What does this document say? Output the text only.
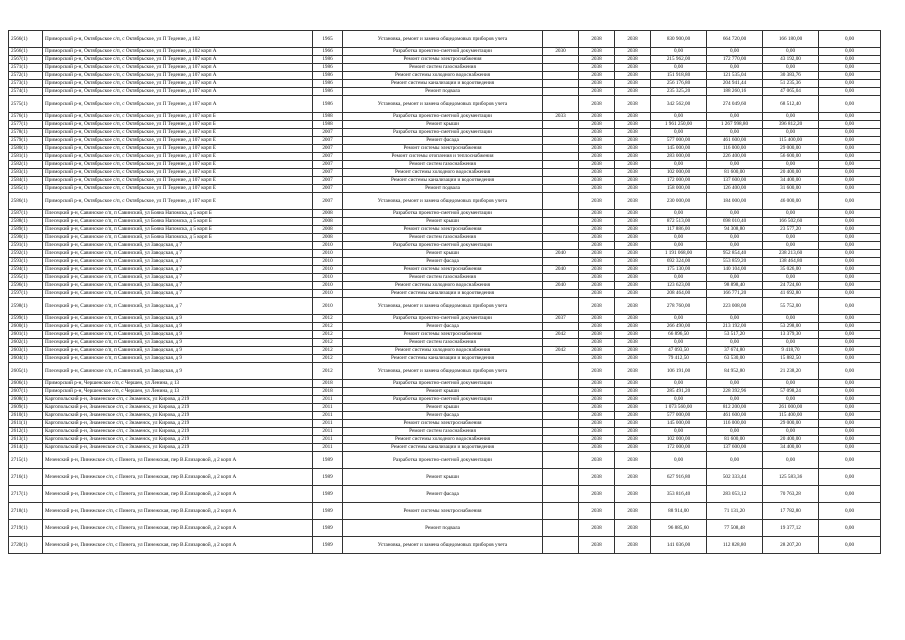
2566(1)	Приморский р-н, Октябрьское с/п, с Октябрьское, ул П Тедение, д 102	1965	Установка, ремонт и замена общедомовых приборов учета		2038	2038	830 900,00	664 720,00	166 180,00	0,00
2566(1)	Приморский р-н, Октябрьское с/п, с Октябрьское, ул П Тедение, д 102 корп А	1966	Разработка проектно-сметной документации	2030	2038	2038	0,00	0,00	0,00	0,00
2567(1)	Приморский р-н, Октябрьское с/п, с Октябрьское, ул П Тедение, д 107 корп А	1986	Ремонт системы электроснабжения		2038	2038	215 962,00	172 770,00	43 192,00	0,00
2571(1)	Приморский р-н, Октябрьское с/п, с Октябрьское, ул П Тедение, д 107 корп А	1986	Ремонт систем газоснабжения		2038	2038	0,00	0,00	0,00	0,00
2572(1)	Приморский р-н, Октябрьское с/п, с Октябрьское, ул П Тедение, д 107 корп А	1986	Ремонт системы холодного водоснабжения		2038	2038	151 918,80	121 535,04	30 383,76	0,00
2573(1)	Приморский р-н, Октябрьское с/п, с Октябрьское, ул П Тедение, д 107 корп А	1986	Ремонт системы канализации и водоотведения		2038	2038	256 176,80	204 941,44	51 235,36	0,00
2574(1)	Приморский р-н, Октябрьское с/п, с Октябрьское, ул П Тедение, д 107 корп А	1986	Ремонт подвала		2038	2038	235 325,20	188 260,16	47 065,04	0,00
2575(1)	Приморский р-н, Октябрьское с/п, с Октябрьское, ул П Тедение, д 107 корп А	1986	Установка, ремонт и замена общедомовых приборов учета		2038	2038	342 562,00	274 049,60	68 512,40	0,00
2576(1)	Приморский р-н, Октябрьское с/п, с Октябрьское, ул П Тедение, д 107 корп Б	1988	Разработка проектно-сметной документации	2033	2038	2038	0,00	0,00	0,00	0,00
2577(1)	Приморский р-н, Октябрьское с/п, с Октябрьское, ул П Тедение, д 107 корп Б	1988	Ремонт крыши		2038	2038	1 961 250,00	1 267 998,80	396 812,20	0,00
2578(1)	Приморский р-н, Октябрьское с/п, с Октябрьское, ул П Тедение, д 107 корп Е	2007	Разработка проектно-сметной документации		2038	2038	0,00	0,00	0,00	0,00
2579(1)	Приморский р-н, Октябрьское с/п, с Октябрьское, ул П Тедение, д 107 корп Е	2007	Ремонт фасада		2038	2038	577 000,00	461 600,00	115 400,00	0,00
2580(1)	Приморский р-н, Октябрьское с/п, с Октябрьское, ул П Тедение, д 107 корп Е	2007	Ремонт системы электроснабжения		2038	2038	145 000,00	116 000,00	29 000,00	0,00
2581(1)	Приморский р-н, Октябрьское с/п, с Октябрьское, ул П Тедение, д 107 корп Е	2007	Ремонт системы отопления и теплоснабжения		2038	2038	283 000,00	226 400,00	56 600,00	0,00
2582(1)	Приморский р-н, Октябрьское с/п, с Октябрьское, ул П Тедение, д 107 корп Е	2007	Ремонт систем газоснабжения		2038	2038	0,00	0,00	0,00	0,00
2583(1)	Приморский р-н, Октябрьское с/п, с Октябрьское, ул П Тедение, д 107 корп Е	2007	Ремонт системы холодного водоснабжения		2038	2038	102 000,00	81 600,00	20 400,00	0,00
2584(1)	Приморский р-н, Октябрьское с/п, с Октябрьское, ул П Тедение, д 107 корп Е	2007	Ремонт системы канализации и водоотведения		2038	2038	172 000,00	137 600,00	34 400,00	0,00
2585(1)	Приморский р-н, Октябрьское с/п, с Октябрьское, ул П Тедение, д 107 корп Е	2007	Ремонт подвала		2038	2038	158 000,00	126 400,00	31 600,00	0,00
2586(1)	Приморский р-н, Октябрьское с/п, с Октябрьское, ул П Тедение, д 107 корп Е	2007	Установка, ремонт и замена общедомовых приборов учета		2038	2038	230 000,00	184 000,00	46 000,00	0,00
2587(1)	Плесецкий р-н, Савинское с/п, п Савинский, ул Бояна Напомска, д 5 корп Б	2008	Разработка проектно-сметной документации		2038	2038	0,00	0,00	0,00	0,00
2588(1)	Плесецкий р-н, Савинское с/п, п Савинский, ул Бояна Напомска, д 5 корп Б	2008	Ремонт крыши		2038	2038	872 513,00	698 010,40	166 502,60	0,00
2589(1)	Плесецкий р-н, Савинское с/п, п Савинский, ул Бояна Напомска, д 5 корп Б	2008	Ремонт системы электроснабжения		2038	2038	117 886,00	94 308,80	23 577,20	0,00
2590(1)	Плесецкий р-н, Савинское с/п, п Савинский, ул Бояна Напомска, д 5 корп Б	2008	Ремонт систем газоснабжения		2038	2038	0,00	0,00	0,00	0,00
2591(1)	Плесецкий р-н, Савинское с/п, п Савинский, ул Заводская, д 7	2010	Разработка проектно-сметной документации		2038	2038	0,00	0,00	0,00	0,00
2592(1)	Плесецкий р-н, Савинское с/п, п Савинский, ул Заводская, д 7	2010	Ремонт крыши	2040	2038	2038	1 191 068,00	952 854,40	238 213,60	0,00
2593(1)	Плесецкий р-н, Савинское с/п, п Савинский, ул Заводская, д 7	2010	Ремонт фасада		2038	2038	692 324,00	553 859,20	138 464,80	0,00
2594(1)	Плесецкий р-н, Савинское с/п, п Савинский, ул Заводская, д 7	2010	Ремонт системы электроснабжения	2040	2038	2038	175 130,00	140 104,00	35 026,00	0,00
2595(1)	Плесецкий р-н, Савинское с/п, п Савинский, ул Заводская, д 7	2010	Ремонт систем газоснабжения		2038	2038	0,00	0,00	0,00	0,00
2596(1)	Плесецкий р-н, Савинское с/п, п Савинский, ул Заводская, д 7	2010	Ремонт системы холодного водоснабжения	2040	2038	2038	123 623,00	98 898,40	24 724,60	0,00
2597(1)	Плесецкий р-н, Савинское с/п, п Савинский, ул Заводская, д 7	2010	Ремонт системы канализации и водоотведения		2038	2038	208 464,00	166 771,20	41 692,80	0,00
2598(1)	Плесецкий р-н, Савинское с/п, п Савинский, ул Заводская, д 7	2010	Установка, ремонт и замена общедомовых приборов учета		2038	2038	278 760,00	223 008,00	55 752,00	0,00
2599(1)	Плесецкий р-н, Савинское с/п, п Савинский, ул Заводская, д 9	2012	Разработка проектно-сметной документации	2037	2038	2038	0,00	0,00	0,00	0,00
2600(1)	Плесецкий р-н, Савинское с/п, п Савинский, ул Заводская, д 9	2012	Ремонт фасада		2038	2038	266 490,00	213 192,00	53 298,00	0,00
2601(1)	Плесецкий р-н, Савинское с/п, п Савинский, ул Заводская, д 9	2012	Ремонт системы электроснабжения	2042	2038	2038	66 896,50	53 517,20	13 379,30	0,00
2602(1)	Плесецкий р-н, Савинское с/п, п Савинский, ул Заводская, д 9	2012	Ремонт систем газоснабжения		2038	2038	0,00	0,00	0,00	0,00
2603(1)	Плесецкий р-н, Савинское с/п, п Савинский, ул Заводская, д 9	2012	Ремонт системы холодного водоснабжения	2042	2038	2038	47 093,50	37 674,80	9 418,70	0,00
2604(1)	Плесецкий р-н, Савинское с/п, п Савинский, ул Заводская, д 9	2012	Ремонт системы канализации и водоотведения		2038	2038	79 412,50	63 530,00	15 882,50	0,00
2605(1)	Плесецкий р-н, Савинское с/п, п Савинский, ул Заводская, д 9	2012	Установка, ремонт и замена общедомовых приборов учета		2038	2038	106 191,00	84 952,80	21 238,20	0,00
2606(1)	Приморский р-н, Чершенское с/п, с Чершен, ул Ленина, д 13	2018	Разработка проектно-сметной документации		2038	2038	0,00	0,00	0,00	0,00
2607(1)	Приморский р-н, Чершенское с/п, с Чершен, ул Ленина, д 13	2018	Ремонт крыши		2038	2038	285 491,20	228 392,96	57 098,24	0,00
2608(1)	Каргопольский р-н, Знаменское с/п, с Знаменск, ул Кирова, д 219	2011	Разработка проектно-сметной документации		2038	2038	0,00	0,00	0,00	0,00
2609(1)	Каргопольский р-н, Знаменское с/п, с Знаменск, ул Кирова, д 219	2011	Ремонт крыши		2038	2038	1 073 560,00	812 200,00	261 000,00	0,00
2610(1)	Каргопольский р-н, Знаменское с/п, с Знаменск, ул Кирова, д 219	2011	Ремонт фасада		2038	2038	577 000,00	461 600,00	115 400,00	0,00
2611(1)	Каргопольский р-н, Знаменское с/п, с Знаменск, ул Кирова, д 219	2011	Ремонт системы электроснабжения		2038	2038	145 000,00	116 000,00	29 000,00	0,00
2612(1)	Каргопольский р-н, Знаменское с/п, с Знаменск, ул Кирова, д 219	2011	Ремонт систем газоснабжения		2038	2038	0,00	0,00	0,00	0,00
2613(1)	Каргопольский р-н, Знаменское с/п, с Знаменск, ул Кирова, д 219	2011	Ремонт системы холодного водоснабжения		2038	2038	102 000,00	81 600,00	20 400,00	0,00
2614(1)	Каргопольский р-н, Знаменское с/п, с Знаменск, ул Кирова, д 219	2011	Ремонт системы канализации и водоотведения		2038	2038	172 000,00	137 600,00	34 400,00	0,00
2715(1)	Мезенский р-н, Пинежское с/п, с Пинега, ул Пинежская, пер В.Елизаровой, д 2 корп А	1989	Разработка проектно-сметной документации		2038	2038	0,00	0,00	0,00	0,00
2716(1)	Мезенский р-н, Пинежское с/п, с Пинега, ул Пинежская, пер В.Елизаровой, д 2 корп А	1989	Ремонт крыши		2038	2038	627 916,80	502 333,44	125 583,36	0,00
2717(1)	Мезенский р-н, Пинежское с/п, с Пинега, ул Пинежская, пер В.Елизаровой, д 2 корп А	1989	Ремонт фасада		2038	2038	353 816,40	283 053,12	70 763,28	0,00
2718(1)	Мезенский р-н, Пинежское с/п, с Пинега, ул Пинежская, пер В.Елизаровой, д 2 корп А	1989	Ремонт системы электроснабжения		2038	2038	88 914,00	71 131,20	17 782,80	0,00
2719(1)	Мезенский р-н, Пинежское с/п, с Пинега, ул Пинежская, пер В.Елизаровой, д 2 корп А	1989	Ремонт подвала		2038	2038	96 885,60	77 508,48	19 377,12	0,00
2720(1)	Мезенский р-н, Пинежское с/п, с Пинега, ул Пинежская, пер В.Елизаровой, д 2 корп А	1989	Установка, ремонт и замена общедомовых приборов учета		2038	2038	141 036,00	112 828,80	28 207,20	0,00
